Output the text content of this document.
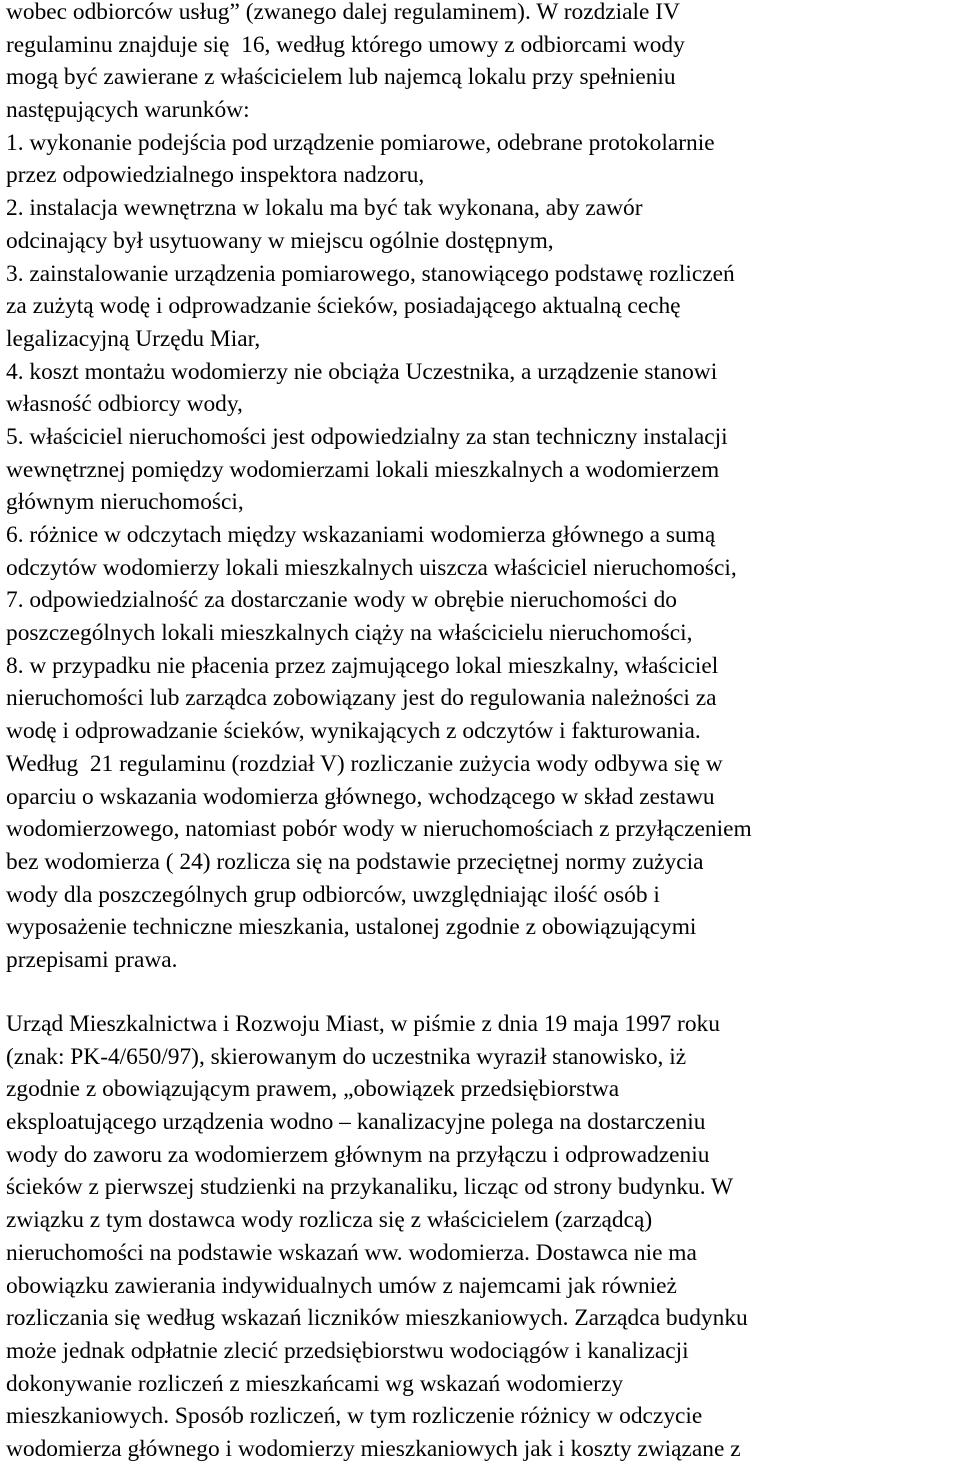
wobec odbiorców usług” (zwanego dalej regulaminem). W rozdziale IV
regulaminu znajduje się  16, według którego umowy z odbiorcami wody
mogą być zawierane z właścicielem lub najemcą lokalu przy spełnieniu
następujących warunków:
1. wykonanie podejścia pod urządzenie pomiarowe, odebrane protokolarnie
przez odpowiedzialnego inspektora nadzoru,
2. instalacja wewnętrzna w lokalu ma być tak wykonana, aby zawór
odcinający był usytuowany w miejscu ogólnie dostępnym,
3. zainstalowanie urządzenia pomiarowego, stanowiącego podstawę rozliczeń
za zużytą wodę i odprowadzanie ścieków, posiadającego aktualną cechę
legalizacyjną Urzędu Miar,
4. koszt montażu wodomierzy nie obciąża Uczestnika, a urządzenie stanowi
własność odbiorcy wody,
5. właściciel nieruchomości jest odpowiedzialny za stan techniczny instalacji
wewnętrznej pomiędzy wodomierzami lokali mieszkalnych a wodomierzem
głównym nieruchomości,
6. różnice w odczytach między wskazaniami wodomierza głównego a sumą
odczytów wodomierzy lokali mieszkalnych uiszcza właściciel nieruchomości,
7. odpowiedzialność za dostarczanie wody w obrębie nieruchomości do
poszczególnych lokali mieszkalnych ciąży na właścicielu nieruchomości,
8. w przypadku nie płacenia przez zajmującego lokal mieszkalny, właściciel
nieruchomości lub zarządca zobowiązany jest do regulowania należności za
wodę i odprowadzanie ścieków, wynikających z odczytów i fakturowania.
Według  21 regulaminu (rozdział V) rozliczanie zużycia wody odbywa się w
oparciu o wskazania wodomierza głównego, wchodzącego w skład zestawu
wodomierzowego, natomiast pobór wody w nieruchomościach z przyłączeniem
bez wodomierza ( 24) rozlicza się na podstawie przeciętnej normy zużycia
wody dla poszczególnych grup odbiorców, uwzględniając ilość osób i
wyposażenie techniczne mieszkania, ustalonej zgodnie z obowiązującymi
przepisami prawa.
Urząd Mieszkalnictwa i Rozwoju Miast, w piśmie z dnia 19 maja 1997 roku
(znak: PK-4/650/97), skierowanym do uczestnika wyraził stanowisko, iż
zgodnie z obowiązującym prawem, „obowiązek przedsiębiorstwa
eksploatującego urządzenia wodno – kanalizacyjne polega na dostarczeniu
wody do zaworu za wodomierzem głównym na przyłączu i odprowadzeniu
ścieków z pierwszej studzienki na przykanaliku, licząc od strony budynku. W
związku z tym dostawca wody rozlicza się z właścicielem (zarządcą)
nieruchomości na podstawie wskazań ww. wodomierza. Dostawca nie ma
obowiązku zawierania indywidualnych umów z najemcami jak również
rozliczania się według wskazań liczników mieszkaniowych. Zarządca budynku
może jednak odpłatnie zlecić przedsiębiorstwu wodociągów i kanalizacji
dokonywanie rozliczeń z mieszkańcami wg wskazań wodomierzy
mieszkaniowych. Sposób rozliczeń, w tym rozliczenie różnicy w odczycie
wodomierza głównego i wodomierzy mieszkaniowych jak i koszty związane z
